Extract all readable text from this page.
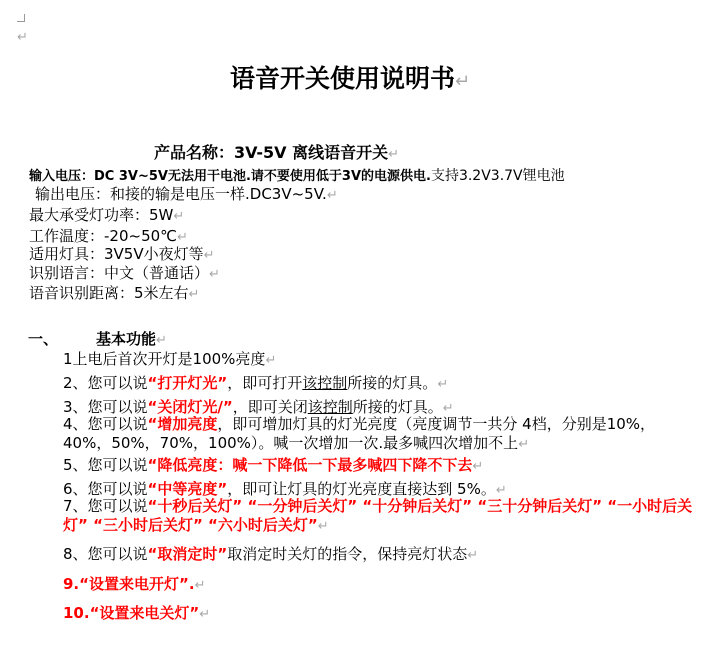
↵
语音开关使用说明书↵
产品名称：3V-5V 离线语音开关↵
输入电压：DC 3V~5V无法用干电池.请不要使用低于3V的电源供电.支持3.2V3.7V锂电池
输出电压：和接的输是电压一样.DC3V~5V.↵
最大承受灯功率：5W↵
工作温度：-20~50℃↵
适用灯具：3V5V小夜灯等↵
识别语言：中文（普通话）↵
语音识别距离：5米左右↵
一、	基本功能↵
1上电后首次开灯是100%亮度↵
2、您可以说“打开灯光”，即可打开该控制所接的灯具。↵
3、您可以说“关闭灯光/”，即可关闭该控制所接的灯具。↵
4、您可以说“增加亮度，即可增加灯具的灯光亮度（亮度调节一共分 4档，分别是10%，40%，50%，70%，100%）。喊一次增加一次.最多喊四次增加不上↵
5、您可以说“降低亮度：喊一下降低一下最多喊四下降不下去↵
6、您可以说“中等亮度”，即可让灯具的灯光亮度直接达到 5%。↵
7、您可以说“十秒后关灯” “一分钟后关灯” “十分钟后关灯” “三十分钟后关灯” “一小时后关灯” “三小时后关灯” “六小时后关灯”↵
8、您可以说“取消定时”取消定时关灯的指令，保持亮灯状态↵
9.“设置来电开灯”.↵
10.“设置来电关灯”↵
